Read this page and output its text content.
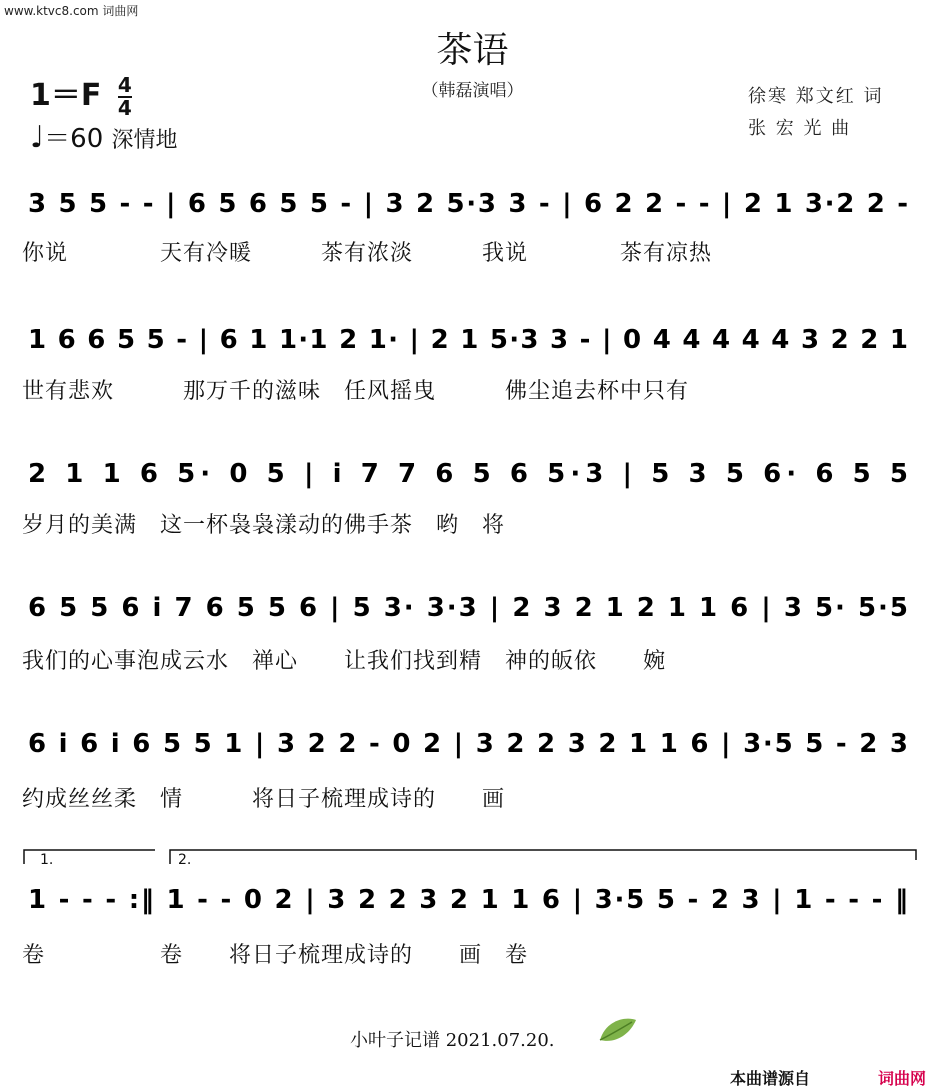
www.ktvc8.com 词曲网
茶语
（韩磊演唱）
$1=F \frac{4}{4}$
♩＝60 深情地
徐寒 郑文红 词
张 宏 光 曲
3 5 5 - - | 6 5 6 5 5 - | 3 2 5·3 3 - | 6 2 2 - - | 2 1 3·2 2 -
你说　　　　天有冷暖　　　茶有浓淡　　　我说　　　　茶有凉热
1 6 6 5 5 - | 6 1 1·1 2 1· | 2 1 5·3 3 - | 0 4 4 4 4 4 3 2 2 1
世有悲欢　　　那万千的滋味　任风摇曳　　　佛尘追去杯中只有
2 1 1 6 5· 0 5 | i 7 7 6 5 6 5·3 | 5 3 5 6· 6 5 5
岁月的美满　这一杯袅袅漾动的佛手茶　哟　将
6 5 5 6 i 7 6 5 5 6 | 5 3· 3·3 | 2 3 2 1 2 1 1 6 | 3 5· 5·5
我们的心事泡成云水　禅心　　让我们找到精　神的皈依　　婉
6 i 6 i 6 5 5 1 | 3 2 2 - 0 2 | 3 2 2 3 2 1 1 6 | 3·5 5 - 2 3
约成丝丝柔　情　　　将日子梳理成诗的　　画
1.	2.
1 - - - :‖ 1 - - 0 2 | 3 2 2 3 2 1 1 6 | 3·5 5 - 2 3 | 1 - - - ‖
卷　　　　　卷　　将日子梳理成诗的　　画　卷
小叶子记谱 2021.07.20.
本曲谱源自	词曲网
